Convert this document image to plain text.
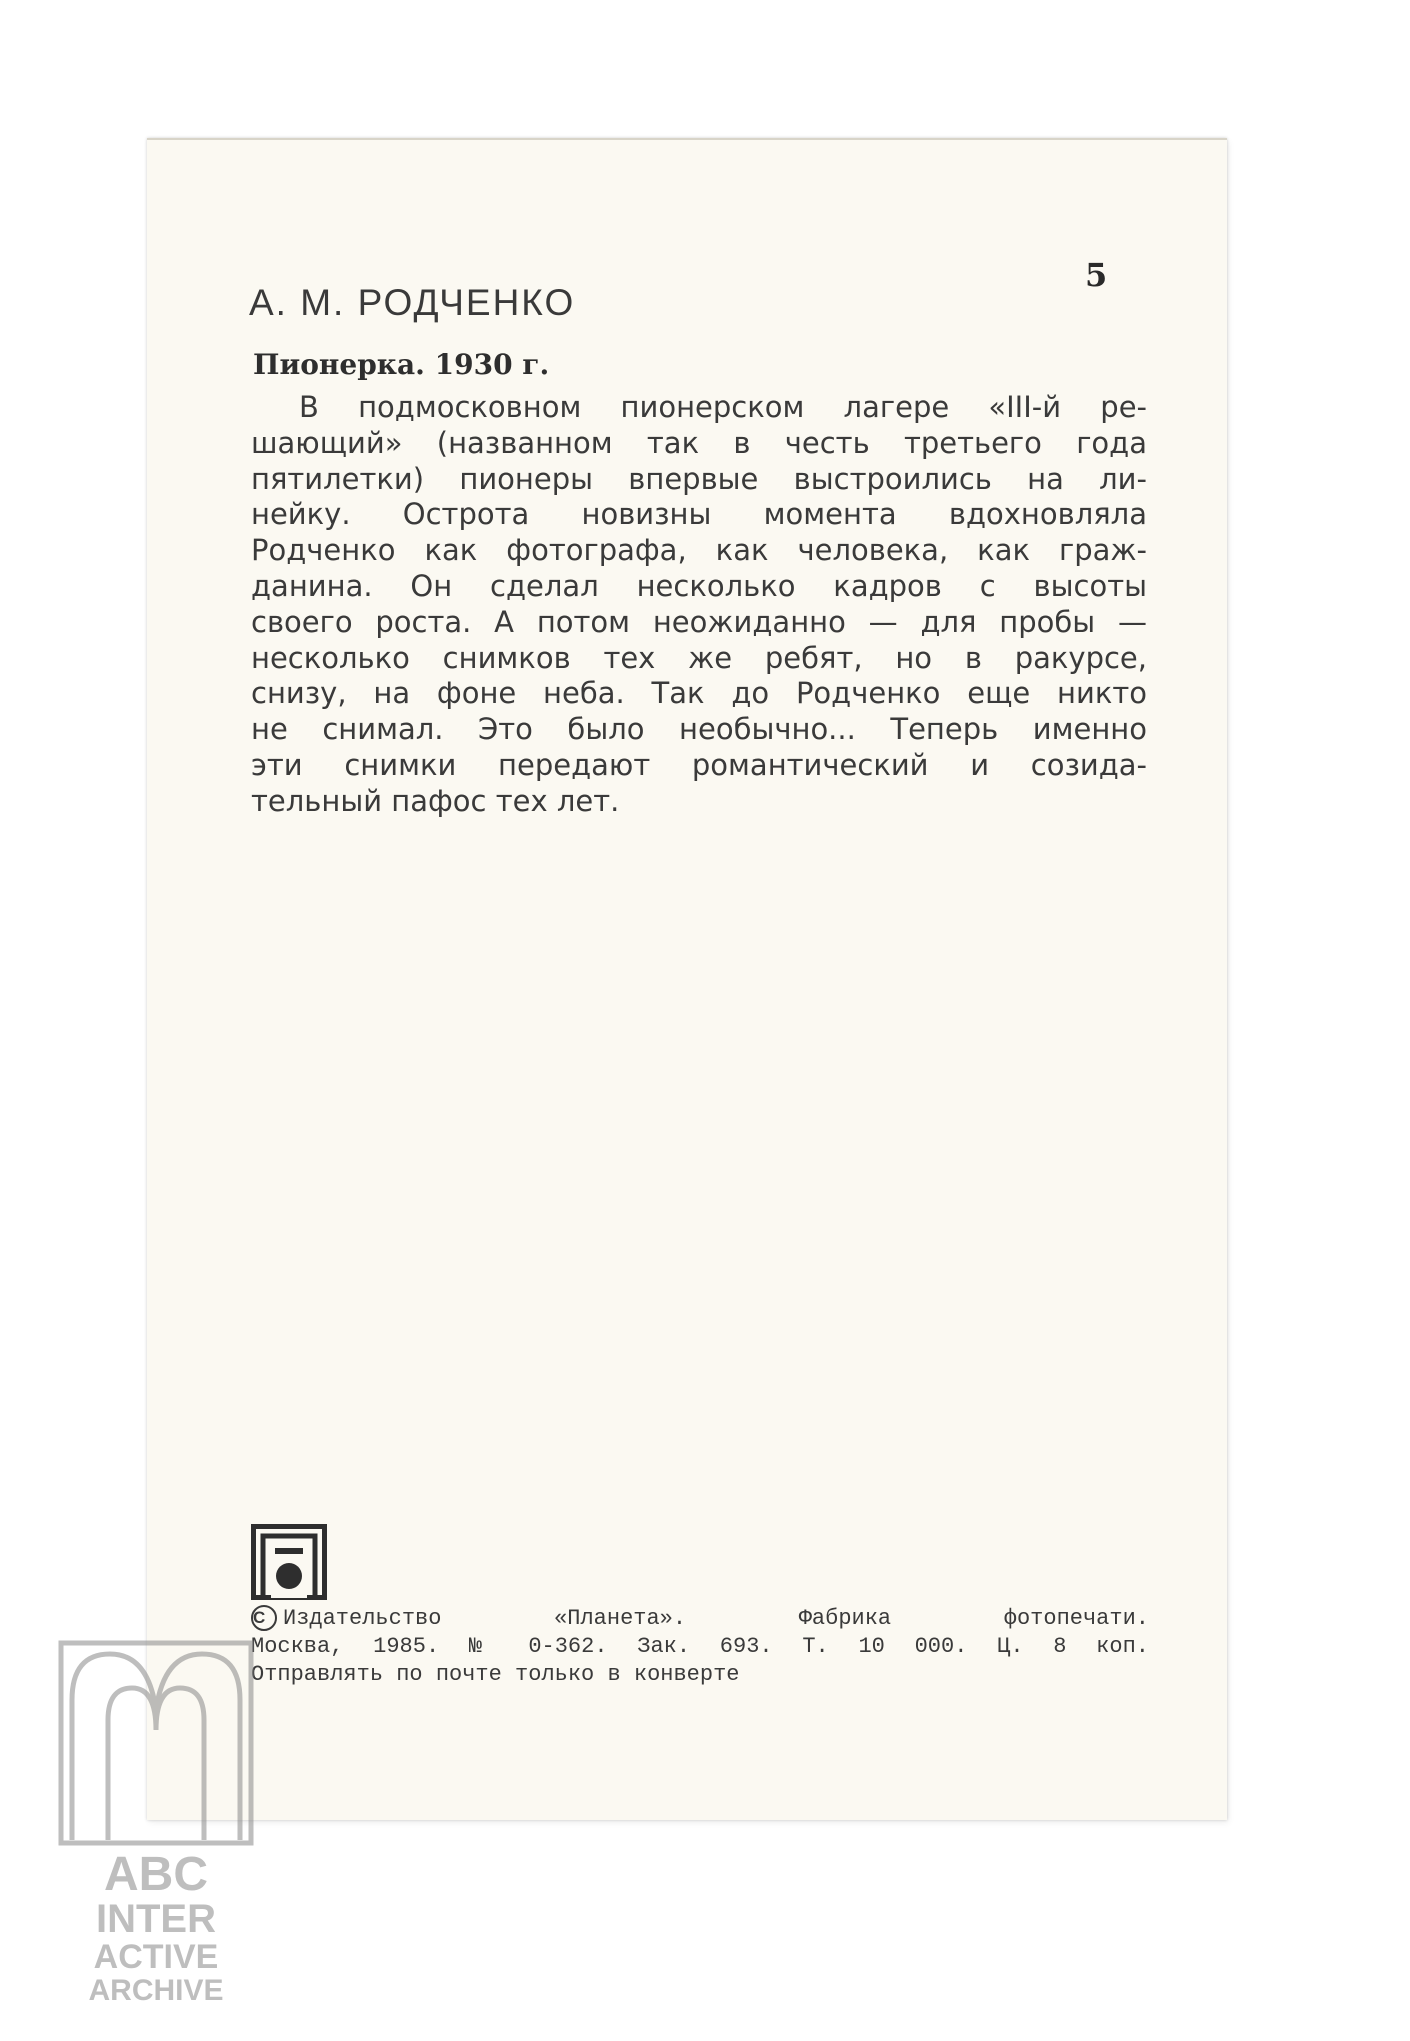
5
А. М. РОДЧЕНКО
Пионерка. 1930 г.
В подмосковном пионерском лагере «III-й ре-
шающий» (названном так в честь третьего года
пятилетки) пионеры впервые выстроились на ли-
нейку. Острота новизны момента вдохновляла
Родченко как фотографа, как человека, как граж-
данина. Он сделал несколько кадров с высоты
своего роста. А потом неожиданно — для пробы —
несколько снимков тех же ребят, но в ракурсе,
снизу, на фоне неба. Так до Родченко еще никто
не снимал. Это было необычно... Теперь именно
эти снимки передают романтический и созида-
тельный пафос тех лет.
C Издательство «Планета». Фабрика фотопечати.
Москва, 1985. № 0-362. Зак. 693. Т. 10 000. Ц. 8 коп.
Отправлять по почте только в конверте
ABC
INTER
ACTIVE
ARCHIVE
